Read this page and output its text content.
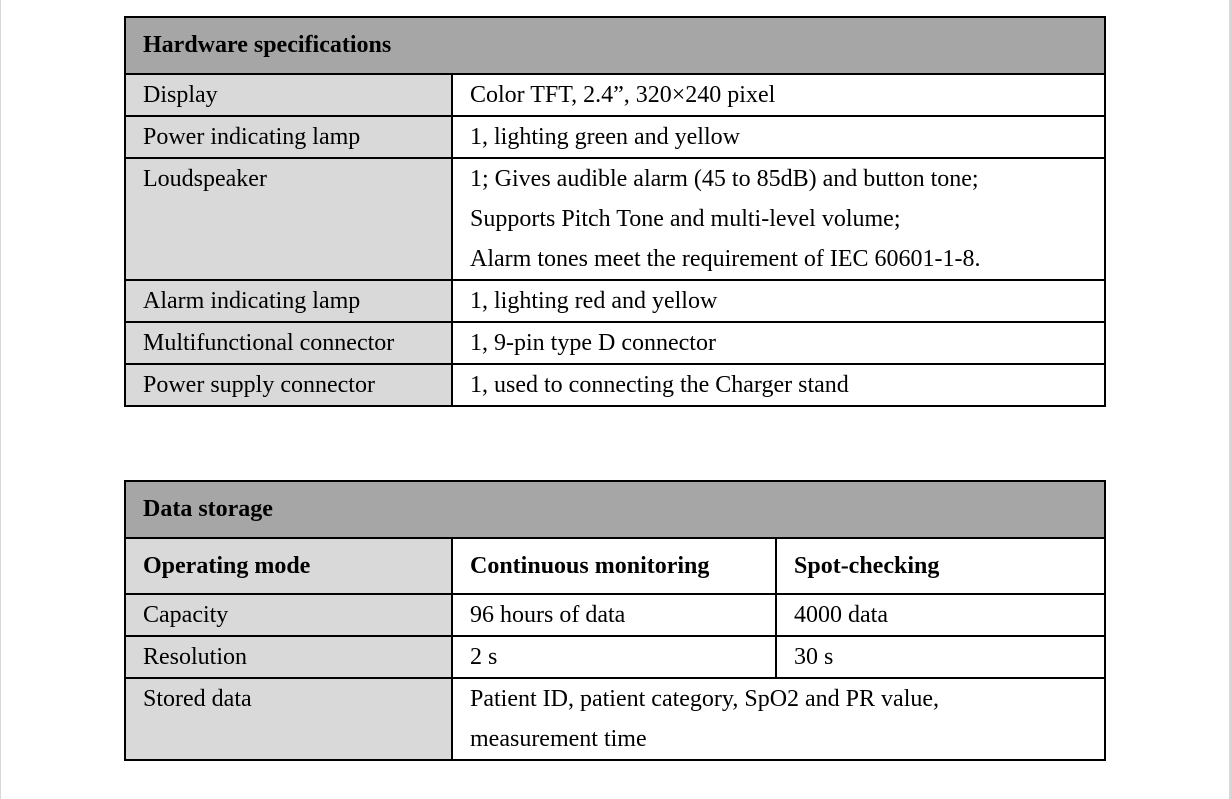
Hardware specifications	
Display	Color TFT, 2.4”, 320×240 pixel

Power indicating lamp	1, lighting green and yellow

Loudspeaker	1; Gives audible alarm (45 to 85dB) and button tone;
Supports Pitch Tone and multi-level volume;
Alarm tones meet the requirement of IEC 60601-1-8.

Alarm indicating lamp	1, lighting red and yellow

Multifunctional connector	1, 9-pin type D connector

Power supply connector	1, used to connecting the Charger stand
Data storage		
Operating mode	Continuous monitoring	Spot-checking
Capacity	96 hours of data	4000 data
Resolution	2 s	30 s
Stored data	Patient ID, patient category, SpO2 and PR value,
measurement time	
